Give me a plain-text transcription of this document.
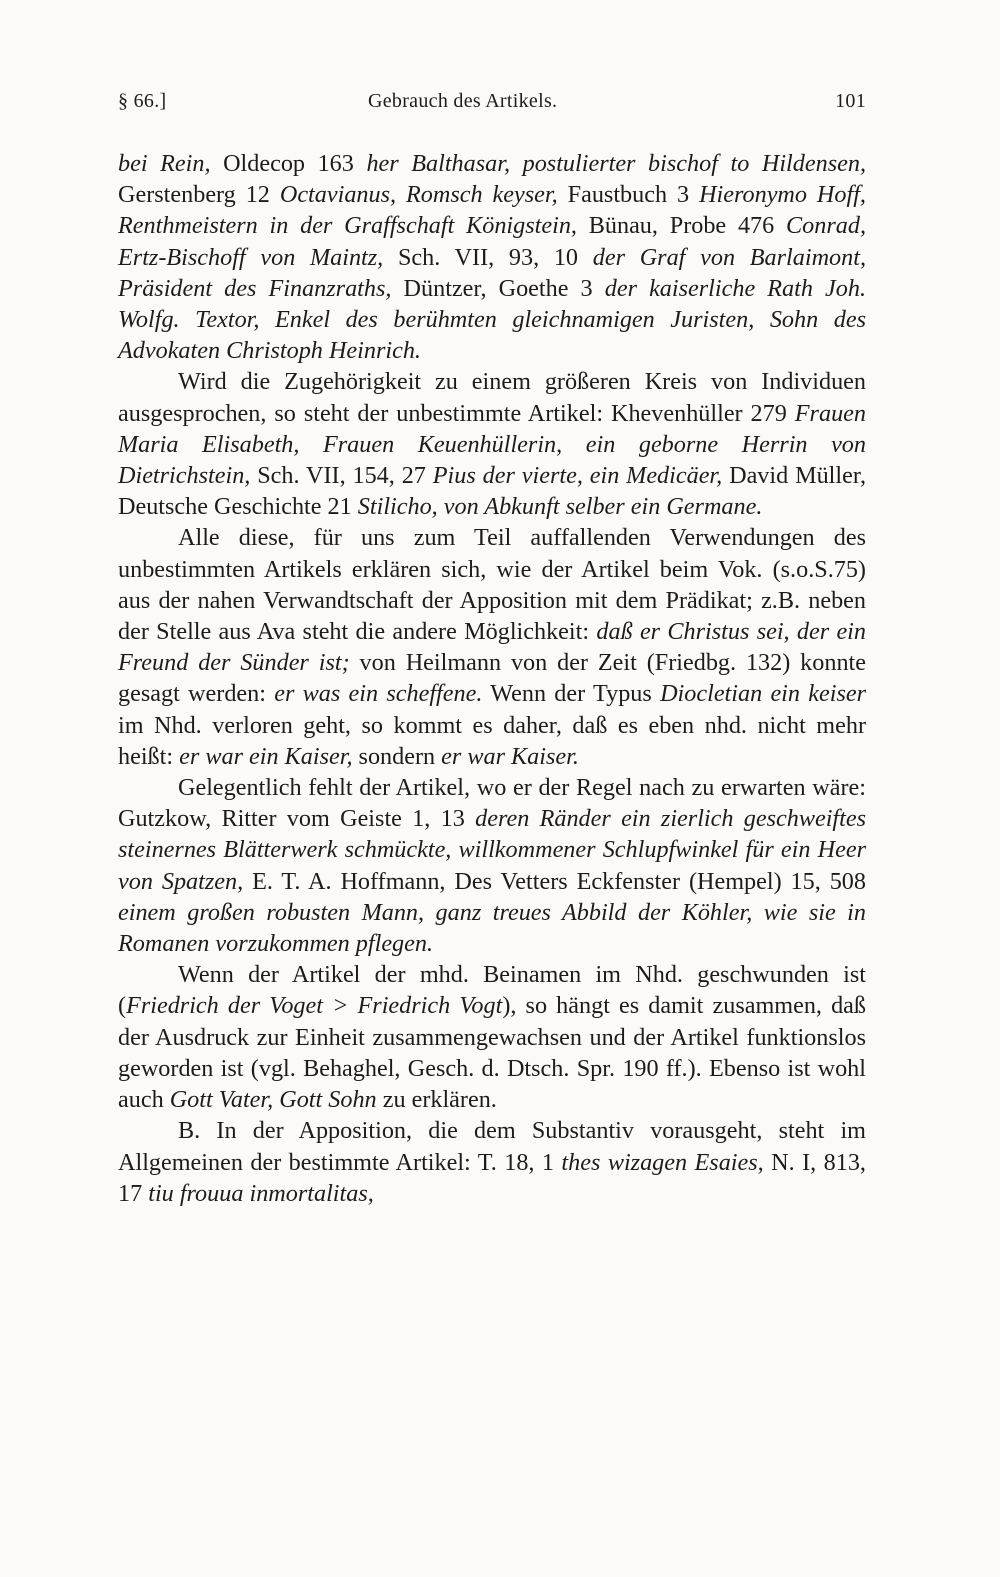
§ 66.]	Gebrauch des Artikels.	101

bei Rein, Oldecop 163 her Balthasar, postulierter bischof to Hildensen, Gerstenberg 12 Octavianus, Romsch keyser, Faustbuch 3 Hieronymo Hoff, Renthmeistern in der Graffschaft Königstein, Bünau, Probe 476 Conrad, Ertz-Bischoff von Maintz, Sch. VII, 93, 10 der Graf von Barlaimont, Präsident des Finanzraths, Düntzer, Goethe 3 der kaiserliche Rath Joh. Wolfg. Textor, Enkel des berühmten gleichnamigen Juristen, Sohn des Advokaten Christoph Heinrich.

Wird die Zugehörigkeit zu einem größeren Kreis von Individuen ausgesprochen, so steht der unbestimmte Artikel: Khevenhüller 279 Frauen Maria Elisabeth, Frauen Keuenhüllerin, ein geborne Herrin von Dietrichstein, Sch. VII, 154, 27 Pius der vierte, ein Medicäer, David Müller, Deutsche Geschichte 21 Stilicho, von Abkunft selber ein Germane.

Alle diese, für uns zum Teil auffallenden Verwendungen des unbestimmten Artikels erklären sich, wie der Artikel beim Vok. (s.o.S.75) aus der nahen Verwandtschaft der Apposition mit dem Prädikat; z.B. neben der Stelle aus Ava steht die andere Möglichkeit: daß er Christus sei, der ein Freund der Sünder ist; von Heilmann von der Zeit (Friedbg. 132) konnte gesagt werden: er was ein scheffene. Wenn der Typus Diocletian ein keiser im Nhd. verloren geht, so kommt es daher, daß es eben nhd. nicht mehr heißt: er war ein Kaiser, sondern er war Kaiser.

Gelegentlich fehlt der Artikel, wo er der Regel nach zu erwarten wäre: Gutzkow, Ritter vom Geiste 1, 13 deren Ränder ein zierlich geschweiftes steinernes Blätterwerk schmückte, willkommener Schlupfwinkel für ein Heer von Spatzen, E. T. A. Hoffmann, Des Vetters Eckfenster (Hempel) 15, 508 einem großen robusten Mann, ganz treues Abbild der Köhler, wie sie in Romanen vorzukommen pflegen.

Wenn der Artikel der mhd. Beinamen im Nhd. geschwunden ist (Friedrich der Voget > Friedrich Vogt), so hängt es damit zusammen, daß der Ausdruck zur Einheit zusammengewachsen und der Artikel funktionslos geworden ist (vgl. Behaghel, Gesch. d. Dtsch. Spr. 190 ff.). Ebenso ist wohl auch Gott Vater, Gott Sohn zu erklären.

B. In der Apposition, die dem Substantiv vorausgeht, steht im Allgemeinen der bestimmte Artikel: T. 18, 1 thes wizagen Esaies, N. I, 813, 17 tiu frouua inmortalitas,
